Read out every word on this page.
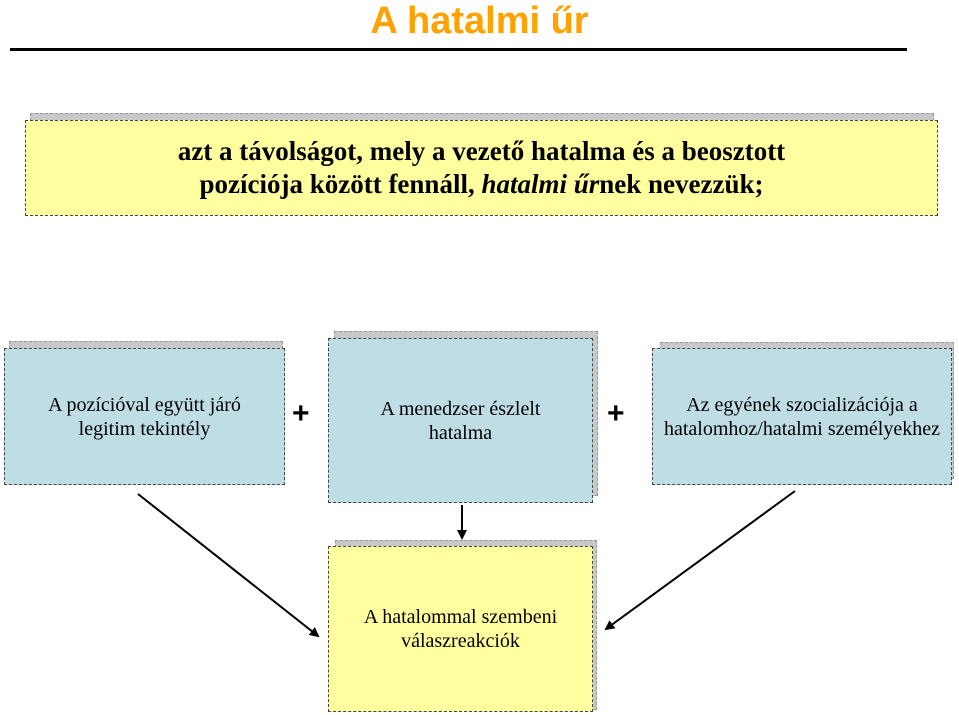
A hatalmi űr
azt a távolságot, mely a vezető hatalma és a beosztott
pozíciója között fennáll, hatalmi űrnek nevezzük;
A pozícióval együtt járó legitim tekintély	+	A menedzser észlelt hatalma
+	Az egyének szocializációja a hatalomhoz/hatalmi személyekhez
A hatalommal szembeni válaszreakciók
